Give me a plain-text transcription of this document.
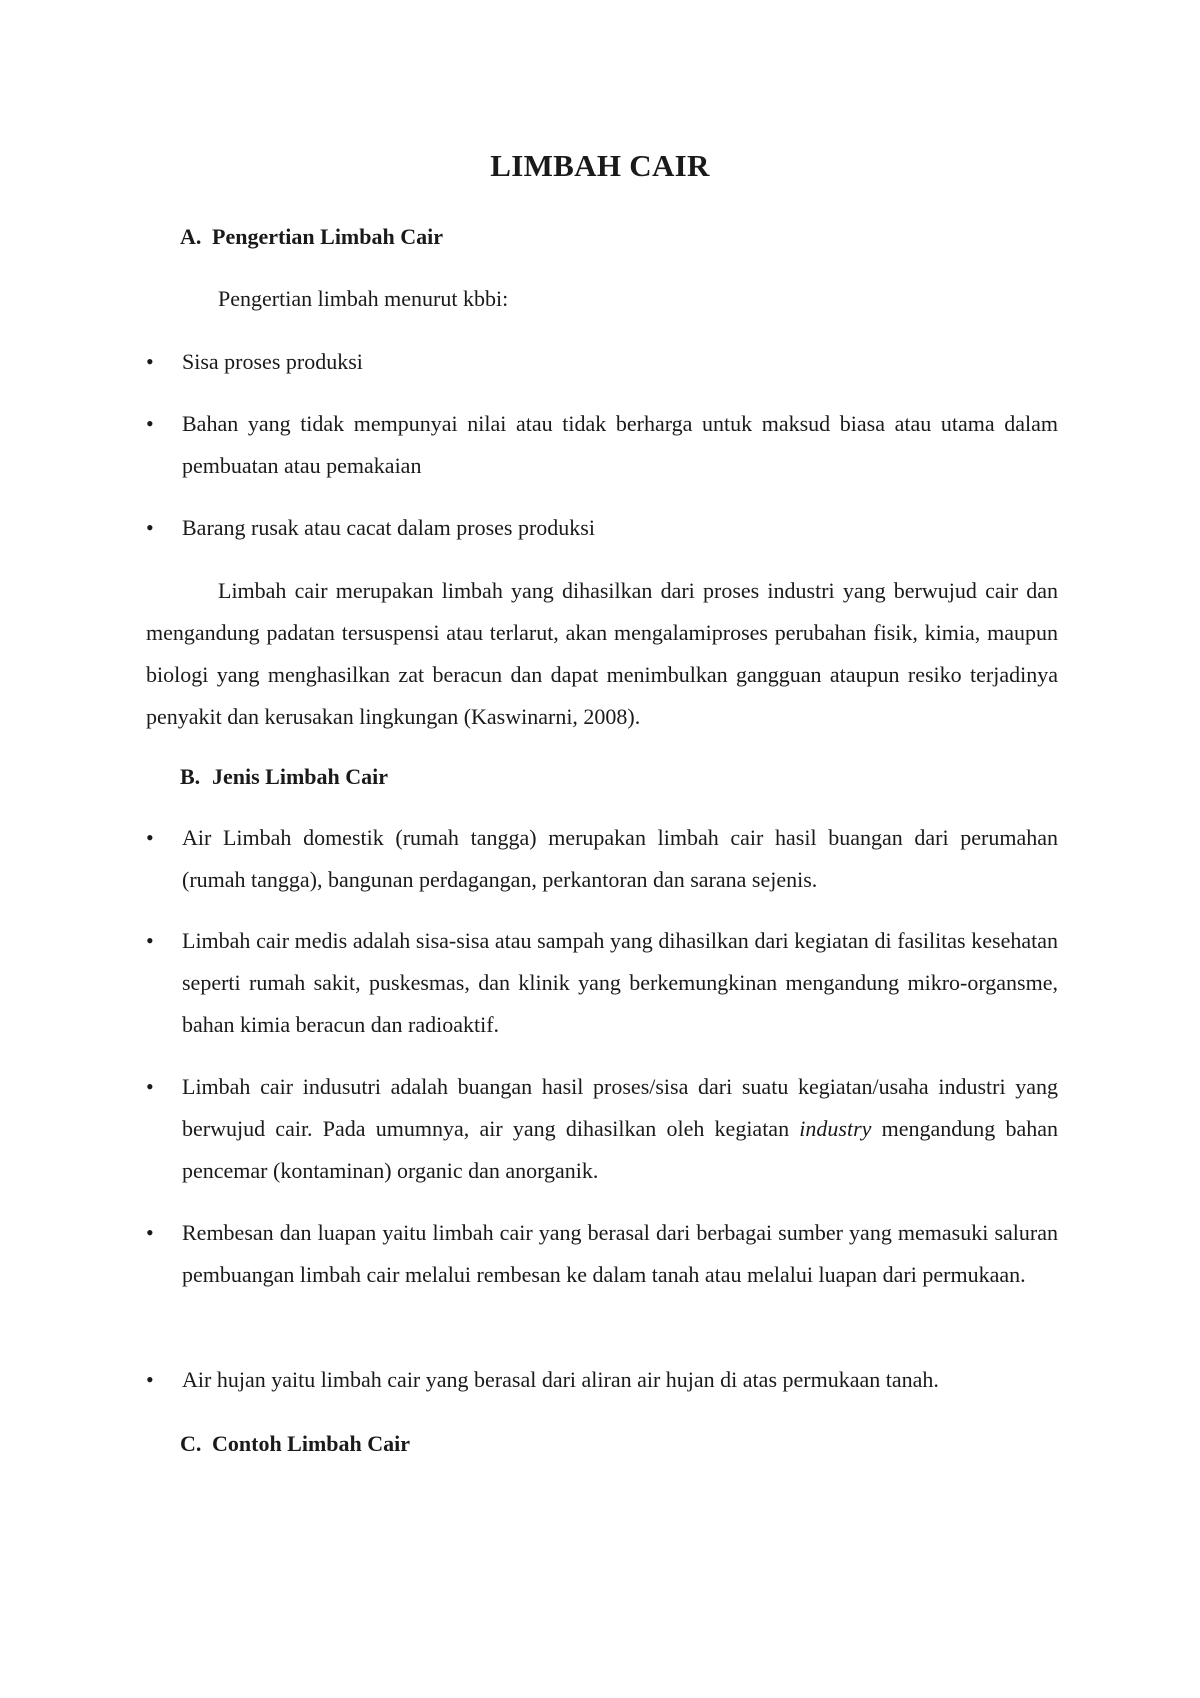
LIMBAH CAIR
A. Pengertian Limbah Cair
Pengertian limbah menurut kbbi:
•	Sisa proses produksi
•	Bahan yang tidak mempunyai nilai atau tidak berharga untuk maksud biasa atau utama dalam pembuatan atau pemakaian
•	Barang rusak atau cacat dalam proses produksi
Limbah cair merupakan limbah yang dihasilkan dari proses industri yang berwujud cair dan mengandung padatan tersuspensi atau terlarut, akan mengalamiproses perubahan fisik, kimia, maupun biologi yang menghasilkan zat beracun dan dapat menimbulkan gangguan ataupun resiko terjadinya penyakit dan kerusakan lingkungan (Kaswinarni, 2008).
B. Jenis Limbah Cair
•	Air Limbah domestik (rumah tangga) merupakan limbah cair hasil buangan dari perumahan (rumah tangga), bangunan perdagangan, perkantoran dan sarana sejenis.
•	Limbah cair medis adalah sisa-sisa atau sampah yang dihasilkan dari kegiatan di fasilitas kesehatan seperti rumah sakit, puskesmas, dan klinik yang berkemungkinan mengandung mikro-organsme, bahan kimia beracun dan radioaktif.
•	Limbah cair indusutri adalah buangan hasil proses/sisa dari suatu kegiatan/usaha industri yang berwujud cair. Pada umumnya, air yang dihasilkan oleh kegiatan industry mengandung bahan pencemar (kontaminan) organic dan anorganik.
•	Rembesan dan luapan yaitu limbah cair yang berasal dari berbagai sumber yang memasuki saluran pembuangan limbah cair melalui rembesan ke dalam tanah atau melalui luapan dari permukaan.
•	Air hujan yaitu limbah cair yang berasal dari aliran air hujan di atas permukaan tanah.
C. Contoh Limbah Cair
